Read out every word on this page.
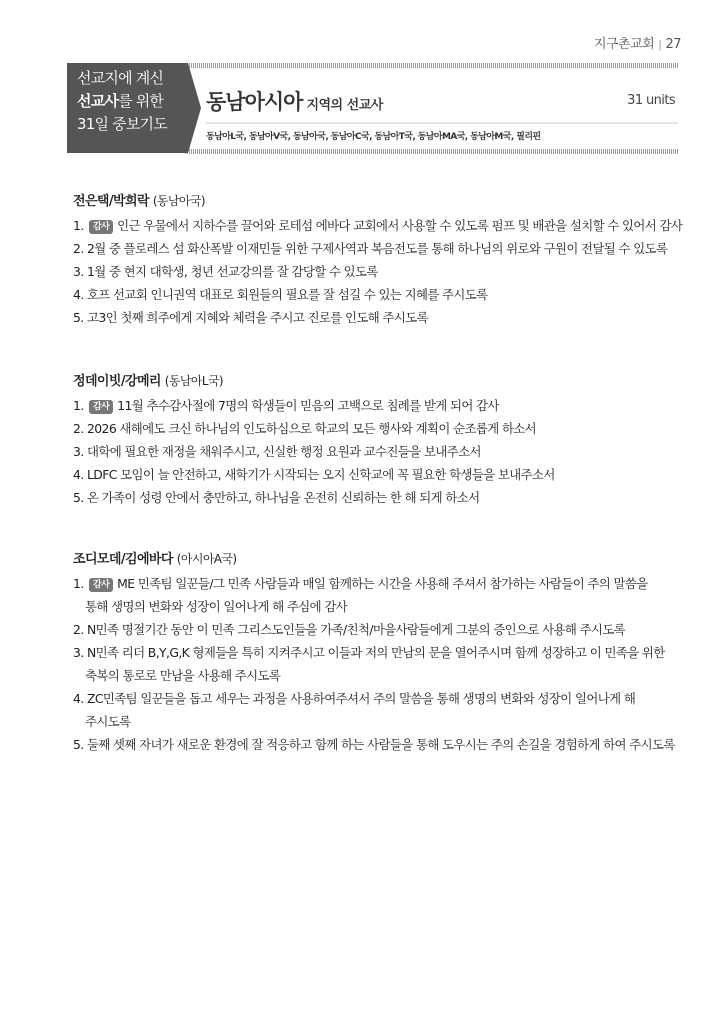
지구촌교회 | 27
선교지에 계신
선교사를 위한
31일 중보기도
동남아시아 지역의 선교사	31 units
동남아L국, 동남아V국, 동남아국, 동남아C국, 동남아T국, 동남아MA국, 동남아M국, 필리핀
전은택/박희락 (동남아국)
1. 감사 인근 우물에서 지하수를 끌어와 로테섬 에바다 교회에서 사용할 수 있도록 펌프 및 배관을 설치할 수 있어서 감사
2. 2월 중 플로레스 섬 화산폭발 이재민들 위한 구제사역과 복음전도를 통해 하나님의 위로와 구원이 전달될 수 있도록
3. 1월 중 현지 대학생, 청년 선교강의를 잘 감당할 수 있도록
4. 호프 선교회 인니권역 대표로 회원들의 필요를 잘 섬길 수 있는 지혜를 주시도록
5. 고3인 첫째 희주에게 지혜와 체력을 주시고 진로를 인도해 주시도록
정데이빗/강메리 (동남아L국)
1. 감사 11월 추수감사절에 7명의 학생들이 믿음의 고백으로 침례를 받게 되어 감사
2. 2026 새해에도 크신 하나님의 인도하심으로 학교의 모든 행사와 계획이 순조롭게 하소서
3. 대학에 필요한 재정을 채워주시고, 신실한 행정 요원과 교수진들을 보내주소서
4. LDFC 모임이 늘 안전하고, 새학기가 시작되는 오지 신학교에 꼭 필요한 학생들을 보내주소서
5. 온 가족이 성령 안에서 충만하고, 하나님을 온전히 신뢰하는 한 해 되게 하소서
조디모데/김에바다 (아시아A국)
1. 감사 ME 민족팀 일꾼들/그 민족 사람들과 매일 함께하는 시간을 사용해 주셔서 참가하는 사람들이 주의 말씀을
통해 생명의 변화와 성장이 일어나게 해 주심에 감사
2. N민족 명절기간 동안 이 민족 그리스도인들을 가족/친척/마을사람들에게 그분의 증인으로 사용해 주시도록
3. N민족 리더 B,Y,G,K 형제들을 특히 지켜주시고 이들과 저의 만남의 문을 열어주시며 함께 성장하고 이 민족을 위한
축복의 통로로 만남을 사용해 주시도록
4. ZC민족팀 일꾼들을 돕고 세우는 과정을 사용하여주셔서 주의 말씀을 통해 생명의 변화와 성장이 일어나게 해
주시도록
5. 둘째 셋째 자녀가 새로운 환경에 잘 적응하고 함께 하는 사람들을 통해 도우시는 주의 손길을 경험하게 하여 주시도록
